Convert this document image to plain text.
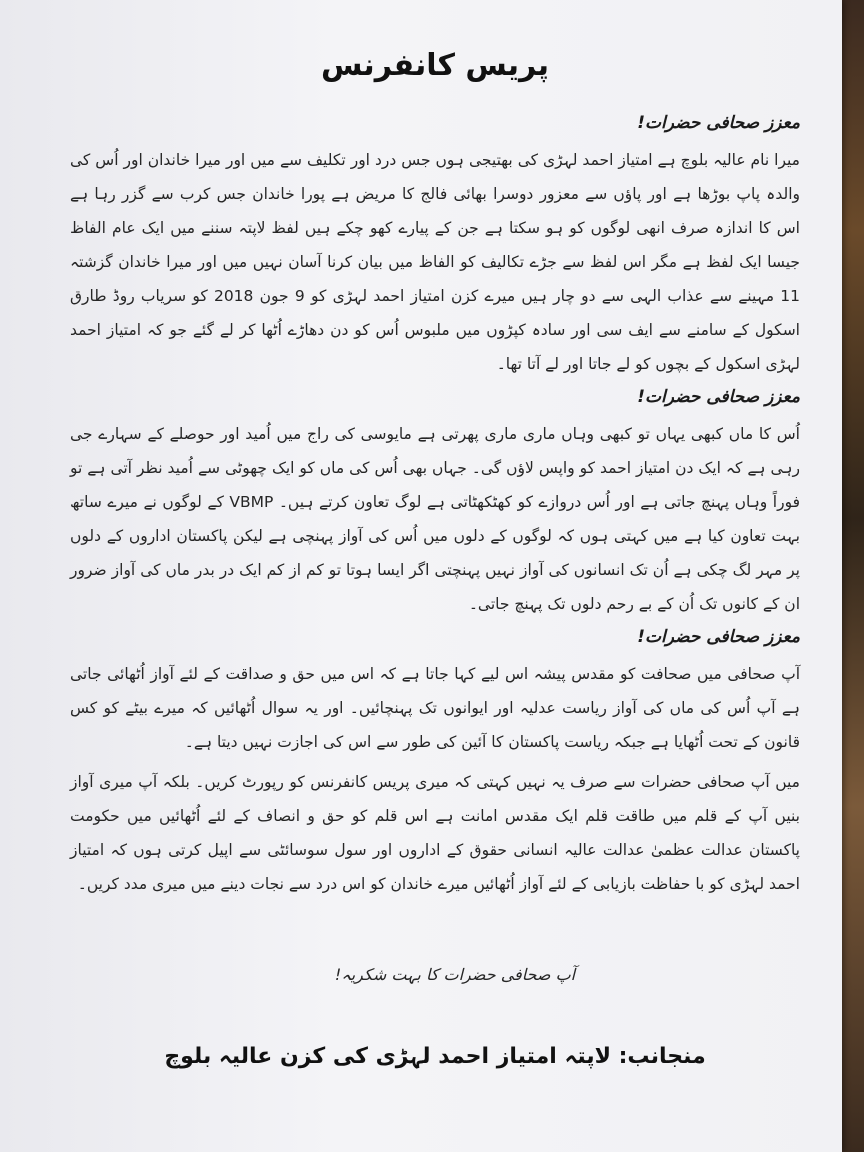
پریس کانفرنس
معزز صحافی حضرات!

میرا نام عالیہ بلوچ ہے امتیاز احمد لہڑی کی بھتیجی ہوں جس درد اور تکلیف سے میں اور میرا خاندان اور اُس کی والدہ پاپ بوڑھا ہے اور پاؤں سے معزور دوسرا بھائی فالج کا مریض ہے پورا خاندان جس کرب سے گزر رہا ہے اس کا اندازہ صرف انھی لوگوں کو ہو سکتا ہے جن کے پیارے کھو چکے ہیں لفظ لاپتہ سننے میں ایک عام الفاظ جیسا ایک لفظ ہے مگر اس لفظ سے جڑے تکالیف کو الفاظ میں بیان کرنا آسان نہیں میں اور میرا خاندان گزشتہ 11 مہینے سے عذاب الہی سے دو چار ہیں میرے کزن امتیاز احمد لہڑی کو 9 جون 2018 کو سریاب روڈ طارق اسکول کے سامنے سے ایف سی اور سادہ کپڑوں میں ملبوس اُس کو دن دھاڑے اُٹھا کر لے گئے جو کہ امتیاز احمد لہڑی اسکول کے بچوں کو لے جاتا اور لے آتا تھا۔

معزز صحافی حضرات!

اُس کا ماں کبھی یہاں تو کبھی وہاں ماری ماری پھرتی ہے مایوسی کی راج میں اُمید اور حوصلے کے سہارے جی رہی ہے کہ ایک دن امتیاز احمد کو واپس لاؤں گی۔ جہاں بھی اُس کی ماں کو ایک چھوٹی سے اُمید نظر آتی ہے تو فوراً وہاں پہنچ جاتی ہے اور اُس دروازے کو کھٹکھٹاتی ہے لوگ تعاون کرتے ہیں۔ VBMP کے لوگوں نے میرے ساتھ بہت تعاون کیا ہے میں کہتی ہوں کہ لوگوں کے دلوں میں اُس کی آواز پہنچی ہے لیکن پاکستان اداروں کے دلوں پر مہر لگ چکی ہے اُن تک انسانوں کی آواز نہیں پہنچتی اگر ایسا ہوتا تو کم از کم ایک در بدر ماں کی آواز ضرور ان کے کانوں تک اُن کے بے رحم دلوں تک پہنچ جاتی۔

معزز صحافی حضرات!

آپ صحافی میں صحافت کو مقدس پیشہ اس لیے کہا جاتا ہے کہ اس میں حق و صداقت کے لئے آواز اُٹھائی جاتی ہے آپ اُس کی ماں کی آواز ریاست عدلیہ اور ایوانوں تک پہنچائیں۔ اور یہ سوال اُٹھائیں کہ میرے بیٹے کو کس قانون کے تحت اُٹھایا ہے جبکہ ریاست پاکستان کا آئین کی طور سے اس کی اجازت نہیں دیتا ہے۔

میں آپ صحافی حضرات سے صرف یہ نہیں کہتی کہ میری پریس کانفرنس کو رپورٹ کریں۔ بلکہ آپ میری آواز بنیں آپ کے قلم میں طاقت قلم ایک مقدس امانت ہے اس قلم کو حق و انصاف کے لئے اُٹھائیں میں حکومت پاکستان عدالت عظمیٰ عدالت عالیہ انسانی حقوق کے اداروں اور سول سوسائٹی سے اپیل کرتی ہوں کہ امتیاز احمد لہڑی کو با حفاظت بازیابی کے لئے آواز اُٹھائیں میرے خاندان کو اس درد سے نجات دینے میں میری مدد کریں۔

آپ صحافی حضرات کا بہت شکریہ!
منجانب: لاپتہ امتیاز احمد لہڑی کی کزن عالیہ بلوچ
